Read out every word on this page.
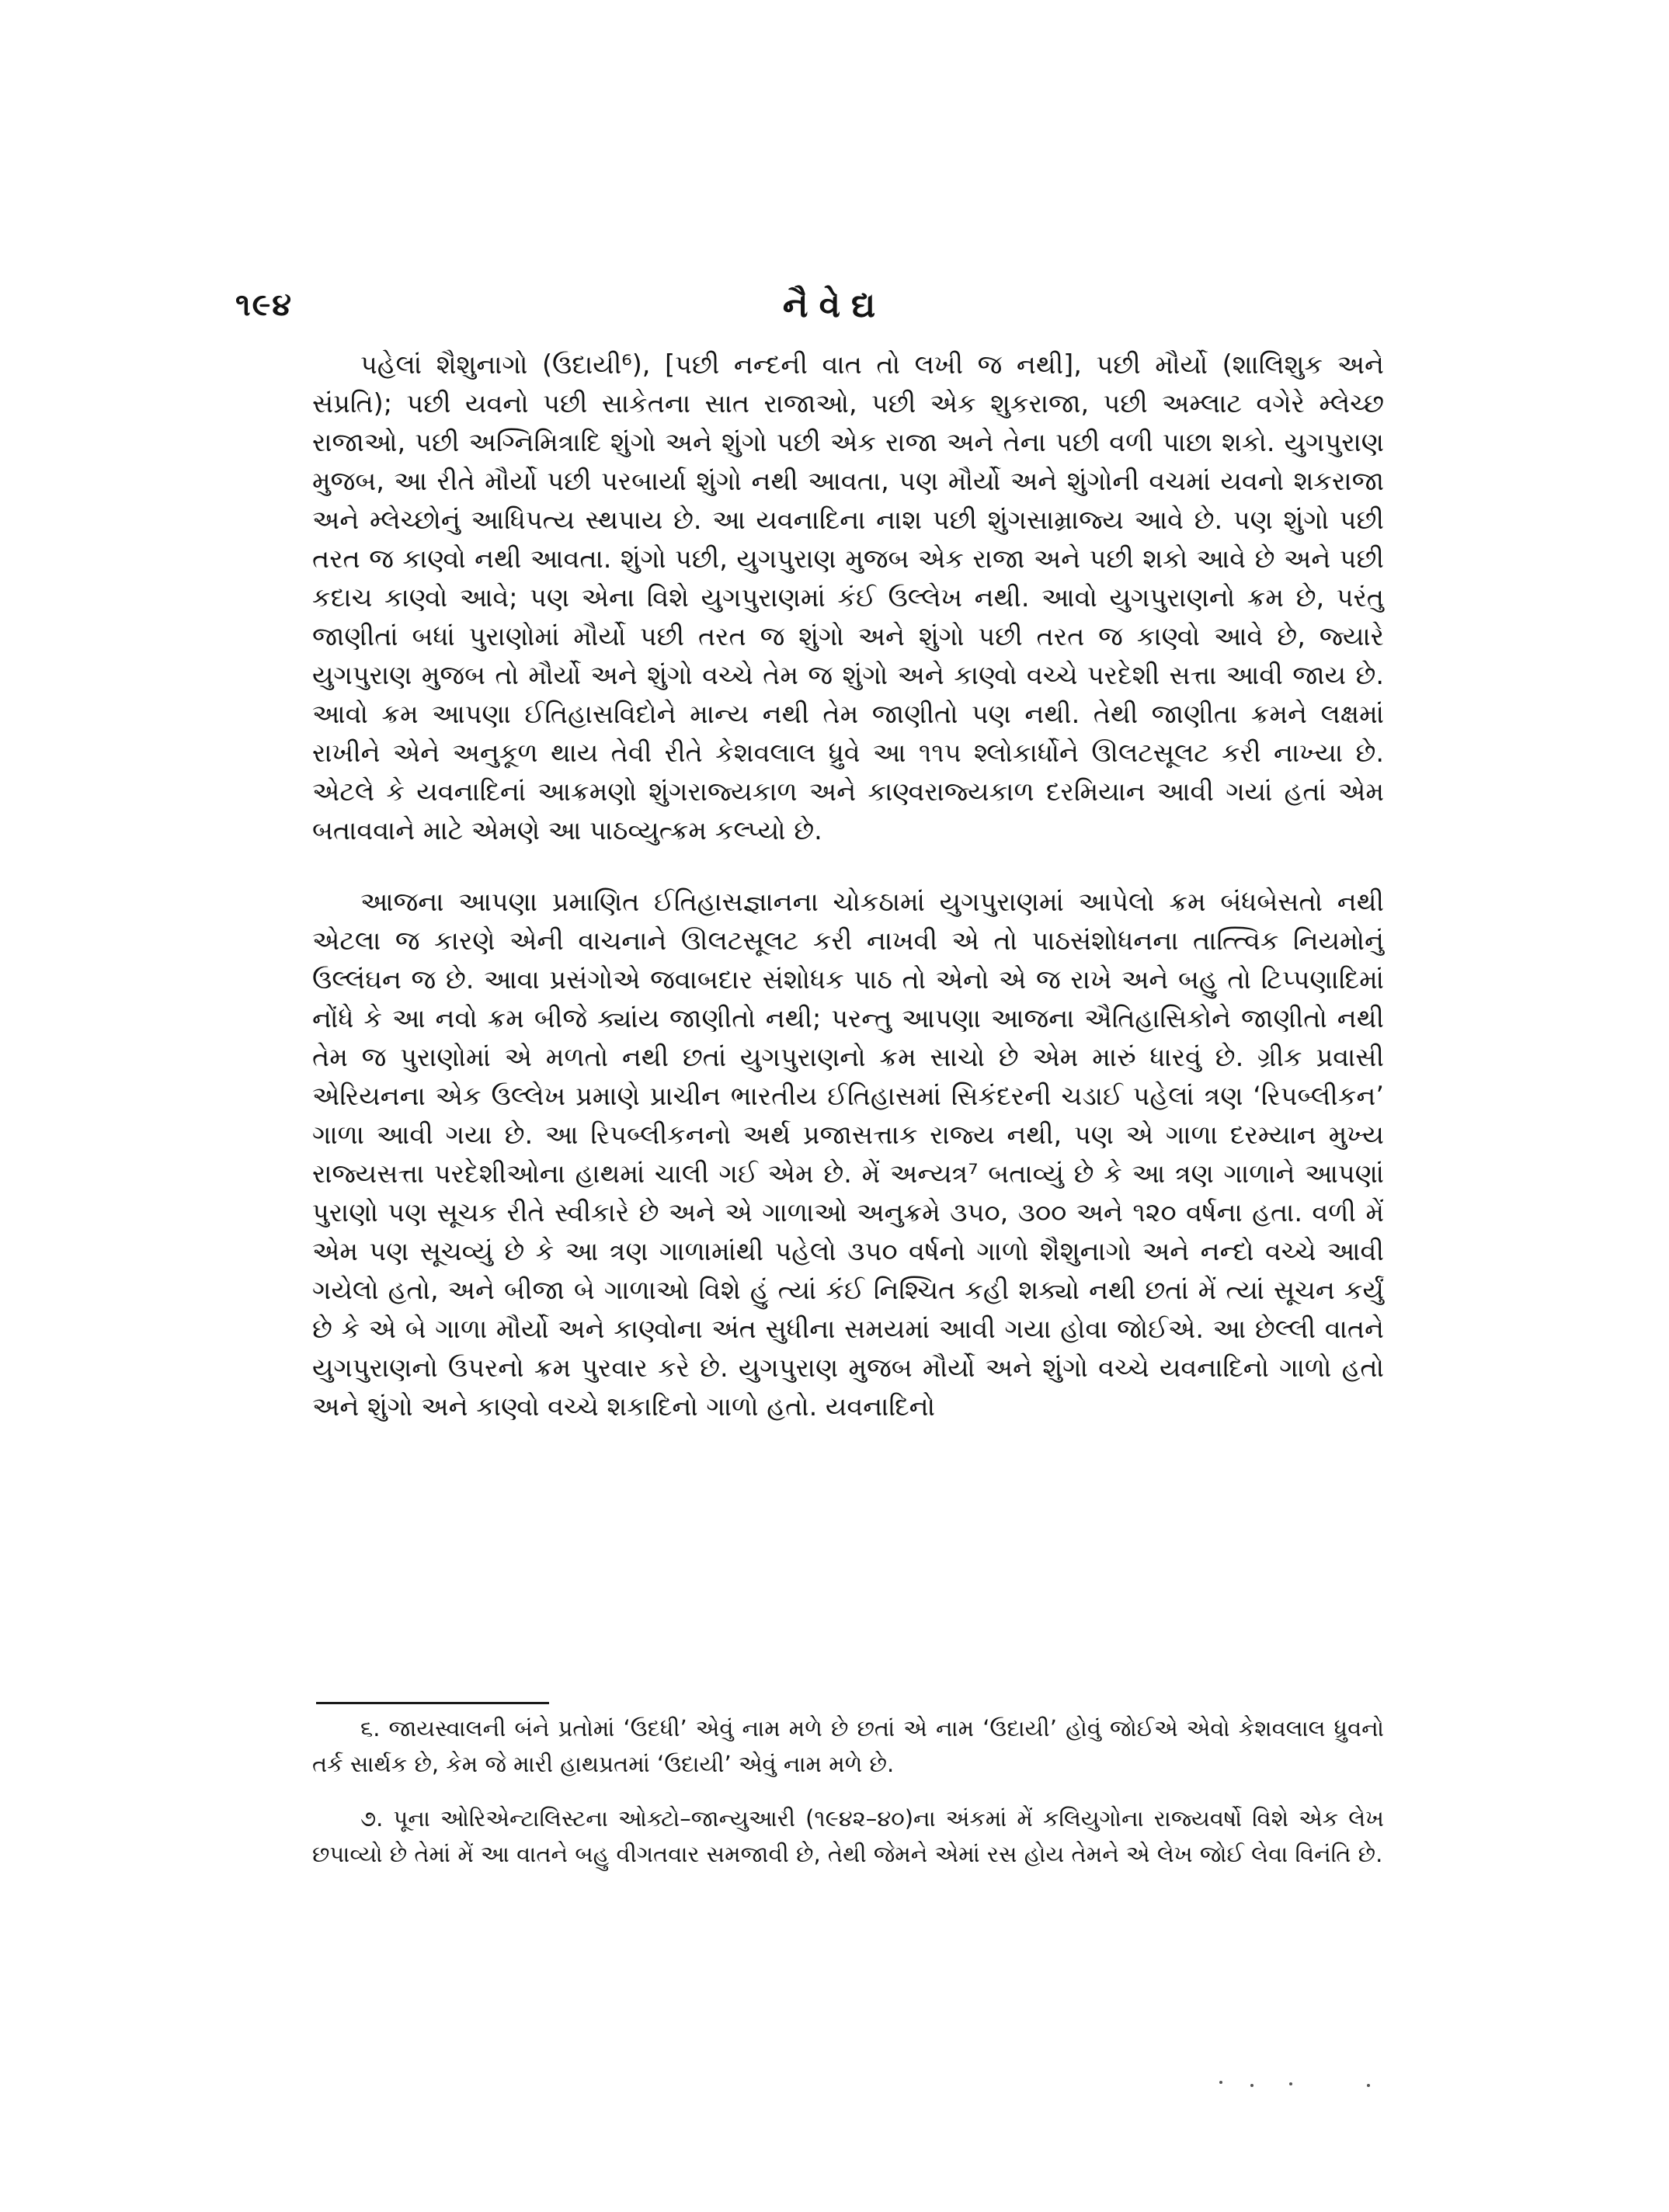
૧૯૪	નૈવેદ્ય

પહેલાં શૈશુનાગો (ઉદાયી⁶), [પછી નન્દની વાત તો લખી જ નથી], પછી મૌર્યો (શાલિશુક અને સંપ્રતિ); પછી યવનો પછી સાકેતના સાત રાજાઓ, પછી એક શુકરાજા, પછી અમ્લાટ વગેરે મ્લેચ્છ રાજાઓ, પછી અગ્નિમિત્રાદિ શુંગો અને શુંગો પછી એક રાજા અને તેના પછી વળી પાછા શકો. યુગપુરાણ મુજબ, આ રીતે મૌર્યો પછી પરબાર્યા શુંગો નથી આવતા, પણ મૌર્યો અને શુંગોની વચમાં યવનો શકરાજા અને મ્લેચ્છોનું આધિપત્ય સ્થપાય છે. આ યવનાદિના નાશ પછી શુંગસામ્રાજ્ય આવે છે. પણ શુંગો પછી તરત જ કાણ્વો નથી આવતા. શુંગો પછી, યુગપુરાણ મુજબ એક રાજા અને પછી શકો આવે છે અને પછી કદાચ કાણ્વો આવે; પણ એના વિશે યુગપુરાણમાં કંઈ ઉલ્લેખ નથી. આવો યુગપુરાણનો ક્રમ છે, પરંતુ જાણીતાં બધાં પુરાણોમાં મૌર્યો પછી તરત જ શુંગો અને શુંગો પછી તરત જ કાણ્વો આવે છે, જ્યારે યુગપુરાણ મુજબ તો મૌર્યો અને શુંગો વચ્ચે તેમ જ શુંગો અને કાણ્વો વચ્ચે પરદેશી સત્તા આવી જાય છે. આવો ક્રમ આપણા ઈતિહાસવિદોને માન્ય નથી તેમ જાણીતો પણ નથી. તેથી જાણીતા ક્રમને લક્ષમાં રાખીને એને અનુકૂળ થાય તેવી રીતે કેશવલાલ ધ્રુવે આ ૧૧૫ શ્લોકાર્ધોને ઊલટસૂલટ કરી નાખ્યા છે. એટલે કે યવનાદિનાં આક્રમણો શુંગરાજ્યકાળ અને કાણ્વરાજ્યકાળ દરમિયાન આવી ગયાં હતાં એમ બતાવવાને માટે એમણે આ પાઠવ્યુત્ક્રમ કલ્પ્યો છે.

આજના આપણા પ્રમાણિત ઈતિહાસજ્ઞાનના ચોકઠામાં યુગપુરાણમાં આપેલો ક્રમ બંધબેસતો નથી એટલા જ કારણે એની વાચનાને ઊલટસૂલટ કરી નાખવી એ તો પાઠસંશોધનના તાત્ત્વિક નિયમોનું ઉલ્લંઘન જ છે. આવા પ્રસંગોએ જવાબદાર સંશોધક પાઠ તો એનો એ જ રાખે અને બહુ તો ટિપ્પણાદિમાં નોંધે કે આ નવો ક્રમ બીજે ક્યાંય જાણીતો નથી; પરન્તુ આપણા આજના ઐતિહાસિકોને જાણીતો નથી તેમ જ પુરાણોમાં એ મળતો નથી છતાં યુગપુરાણનો ક્રમ સાચો છે એમ મારું ધારવું છે. ગ્રીક પ્રવાસી એરિયનના એક ઉલ્લેખ પ્રમાણે પ્રાચીન ભારતીય ઈતિહાસમાં સિકંદરની ચડાઈ પહેલાં ત્રણ ‘રિપબ્લીકન’ ગાળા આવી ગયા છે. આ રિપબ્લીકનનો અર્થ પ્રજાસત્તાક રાજ્ય નથી, પણ એ ગાળા દરમ્યાન મુખ્ય રાજ્યસત્તા પરદેશીઓના હાથમાં ચાલી ગઈ એમ છે. મેં અન્યત્ર⁷ બતાવ્યું છે કે આ ત્રણ ગાળાને આપણાં પુરાણો પણ સૂચક રીતે સ્વીકારે છે અને એ ગાળાઓ અનુક્રમે ૩૫૦, ૩૦૦ અને ૧૨૦ વર્ષના હતા. વળી મેં એમ પણ સૂચવ્યું છે કે આ ત્રણ ગાળામાંથી પહેલો ૩૫૦ વર્ષનો ગાળો શૈશુનાગો અને નન્દો વચ્ચે આવી ગયેલો હતો, અને બીજા બે ગાળાઓ વિશે હું ત્યાં કંઈ નિશ્ચિત કહી શક્યો નથી છતાં મેં ત્યાં સૂચન કર્યું છે કે એ બે ગાળા મૌર્યો અને કાણ્વોના અંત સુધીના સમયમાં આવી ગયા હોવા જોઈએ. આ છેલ્લી વાતને યુગપુરાણનો ઉપરનો ક્રમ પુરવાર કરે છે. યુગપુરાણ મુજબ મૌર્યો અને શુંગો વચ્ચે યવનાદિનો ગાળો હતો અને શુંગો અને કાણ્વો વચ્ચે શકાદિનો ગાળો હતો. યવનાદિનો

૬. જાયસ્વાલની બંને પ્રતોમાં ‘ઉદધી’ એવું નામ મળે છે છતાં એ નામ ‘ઉદાયી’ હોવું જોઈએ એવો કેશવલાલ ધ્રુવનો તર્ક સાર્થક છે, કેમ જે મારી હાથપ્રતમાં ‘ઉદાયી’ એવું નામ મળે છે.

૭. પૂના ઓરિએન્ટાલિસ્ટના ઓક્ટો–જાન્યુઆરી (૧૯૪૨–૪૦)ના અંકમાં મેં કલિયુગોના રાજ્યવર્ષો વિશે એક લેખ છપાવ્યો છે તેમાં મેં આ વાતને બહુ વીગતવાર સમજાવી છે, તેથી જેમને એમાં રસ હોય તેમને એ લેખ જોઈ લેવા વિનંતિ છે.
